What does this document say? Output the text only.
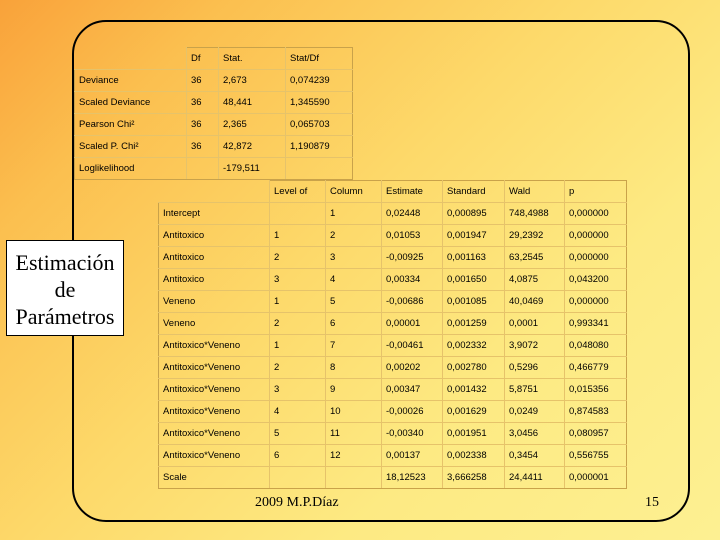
	Df	Stat.	Stat/Df
Deviance	36	2,673	0,074239
Scaled Deviance	36	48,441	1,345590
Pearson Chi²	36	2,365	0,065703
Scaled P. Chi²	36	42,872	1,190879
Loglikelihood		-179,511	
	Level of	Column	Estimate	Standard	Wald	p
Intercept		1	0,02448	0,000895	748,4988	0,000000
Antitoxico	1	2	0,01053	0,001947	29,2392	0,000000
Antitoxico	2	3	-0,00925	0,001163	63,2545	0,000000
Antitoxico	3	4	0,00334	0,001650	4,0875	0,043200
Veneno	1	5	-0,00686	0,001085	40,0469	0,000000
Veneno	2	6	0,00001	0,001259	0,0001	0,993341
Antitoxico*Veneno	1	7	-0,00461	0,002332	3,9072	0,048080
Antitoxico*Veneno	2	8	0,00202	0,002780	0,5296	0,466779
Antitoxico*Veneno	3	9	0,00347	0,001432	5,8751	0,015356
Antitoxico*Veneno	4	10	-0,00026	0,001629	0,0249	0,874583
Antitoxico*Veneno	5	11	-0,00340	0,001951	3,0456	0,080957
Antitoxico*Veneno	6	12	0,00137	0,002338	0,3454	0,556755
Scale			18,12523	3,666258	24,4411	0,000001
Estimación
de
Parámetros
2009 M.P.Díaz	15
